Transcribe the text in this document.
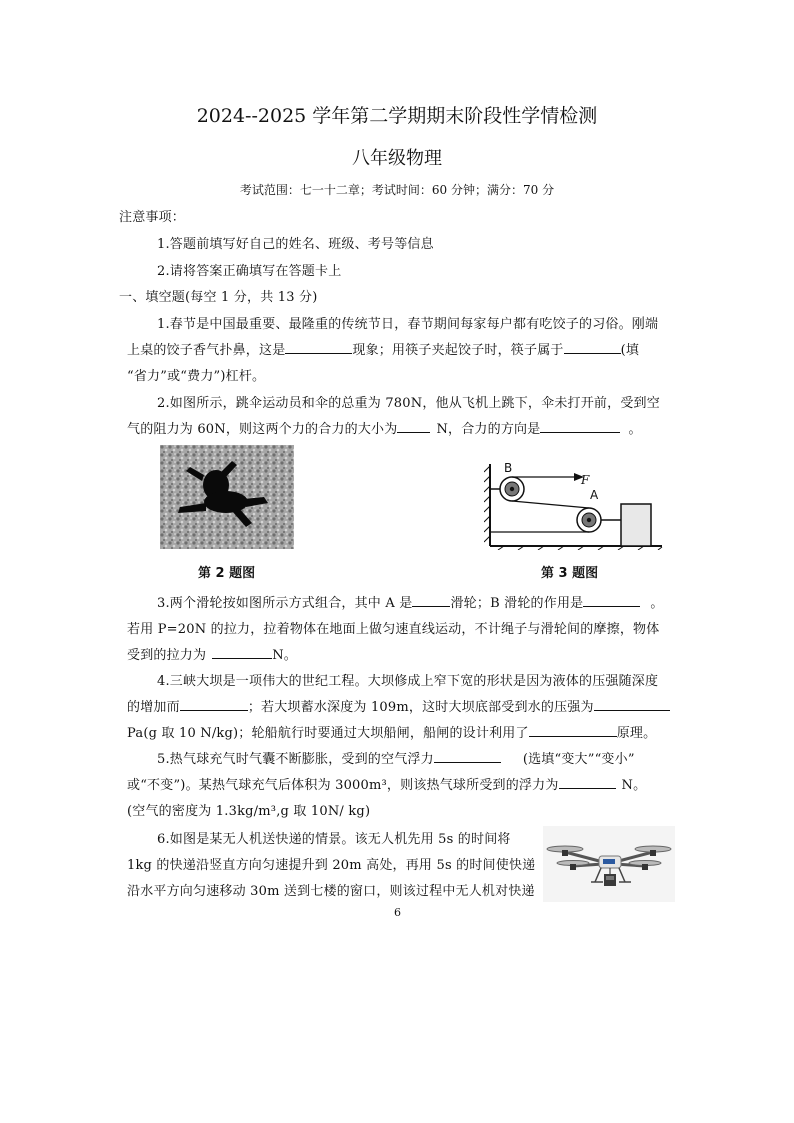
2024--2025 学年第二学期期末阶段性学情检测
八年级物理
考试范围：七一十二章；考试时间：60 分钟；满分：70 分
注意事项：
1.答题前填写好自己的姓名、班级、考号等信息
2.请将答案正确填写在答题卡上
一、填空题(每空 1 分，共 13 分)
1.春节是中国最重要、最隆重的传统节日，春节期间每家每户都有吃饺子的习俗。刚端
上桌的饺子香气扑鼻，这是	现象；用筷子夹起饺子时，筷子属于	(填
“省力”或“费力”)杠杆。
2.如图所示，跳伞运动员和伞的总重为 780N，他从飞机上跳下，伞未打开前，受到空
气的阻力为 60N，则这两个力的合力的大小为	N，合力的方向是	。
第 2 题图
B
F
A
第 3 题图
3.两个滑轮按如图所示方式组合，其中 A 是	滑轮；B 滑轮的作用是	。
若用 P=20N 的拉力，拉着物体在地面上做匀速直线运动，不计绳子与滑轮间的摩擦，物体
受到的拉力为	N。
4.三峡大坝是一项伟大的世纪工程。大坝修成上窄下宽的形状是因为液体的压强随深度
的增加而	；若大坝蓄水深度为 109m，这时大坝底部受到水的压强为
Pa(g 取 10 N/kg)；轮船航行时要通过大坝船闸，船闸的设计利用了	原理。
5.热气球充气时气囊不断膨胀，受到的空气浮力	(选填“变大”“变小”
或“不变”)。某热气球充气后体积为 3000m³，则该热气球所受到的浮力为	N。
(空气的密度为 1.3kg/m³,g 取 10N/ kg)
6.如图是某无人机送快递的情景。该无人机先用 5s 的时间将
1kg 的快递沿竖直方向匀速提升到 20m 高处，再用 5s 的时间使快递
沿水平方向匀速移动 30m 送到七楼的窗口，则该过程中无人机对快递
6
